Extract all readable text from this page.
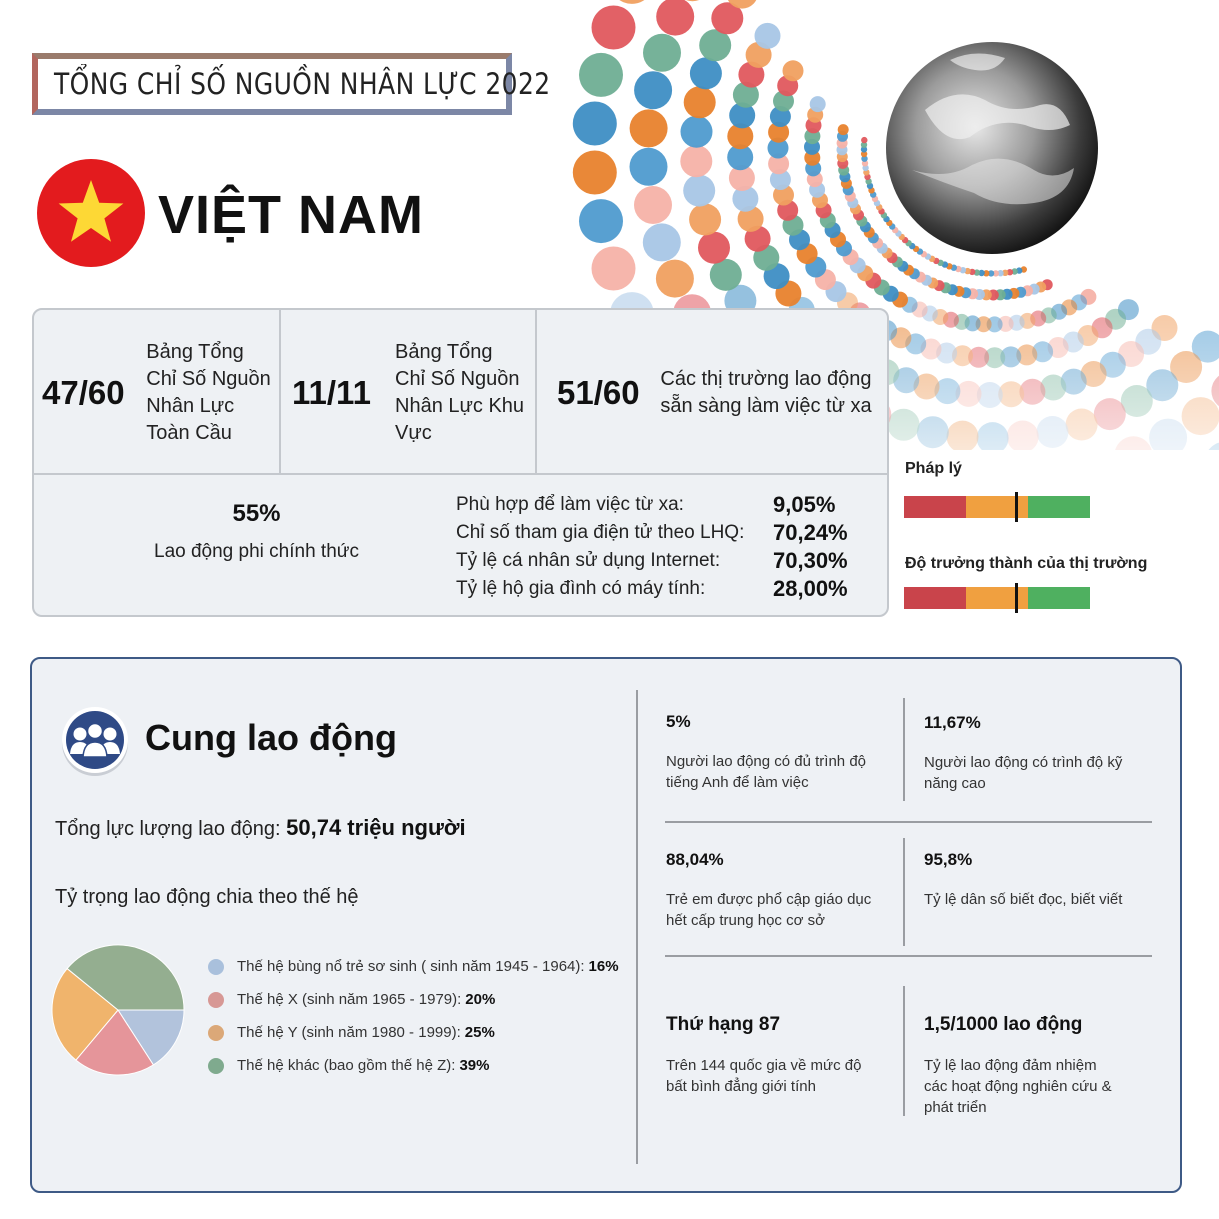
TỔNG CHỈ SỐ NGUỒN NHÂN LỰC 2022
VIỆT NAM
47/60
Bảng Tổng Chỉ Số Nguồn Nhân Lực Toàn Cầu
11/11
Bảng Tổng Chỉ Số Nguồn Nhân Lực Khu Vực
51/60	Các thị trường lao động sẵn sàng làm việc từ xa
55%
Lao động phi chính thức
Phù hợp để làm việc từ xa:	9,05%
Chỉ số tham gia điện tử theo LHQ: 70,24%
Tỷ lệ cá nhân sử dụng Internet: 70,30%
Tỷ lệ hộ gia đình có máy tính:	28,00%
Pháp lý
Độ trưởng thành của thị trường
Cung lao động
Tổng lực lượng lao động: 50,74 triệu người
Tỷ trọng lao động chia theo thế hệ
Thế hệ bùng nổ trẻ sơ sinh ( sinh năm 1945 - 1964): 16%
Thế hệ X (sinh năm 1965 - 1979): 20%
Thế hệ Y (sinh năm 1980 - 1999): 25%
Thế hệ khác (bao gồm thế hệ Z): 39%
5%
Người lao động có đủ trình độ tiếng Anh để làm việc
11,67%
Người lao động có trình độ kỹ năng cao
88,04%
Trẻ em được phổ cập giáo dục hết cấp trung học cơ sở
95,8%
Tỷ lệ dân số biết đọc, biết viết
Thứ hạng 87
Trên 144 quốc gia về mức độ bất bình đẳng giới tính
1,5/1000 lao động
Tỷ lệ lao động đảm nhiệm các hoạt động nghiên cứu & phát triển
